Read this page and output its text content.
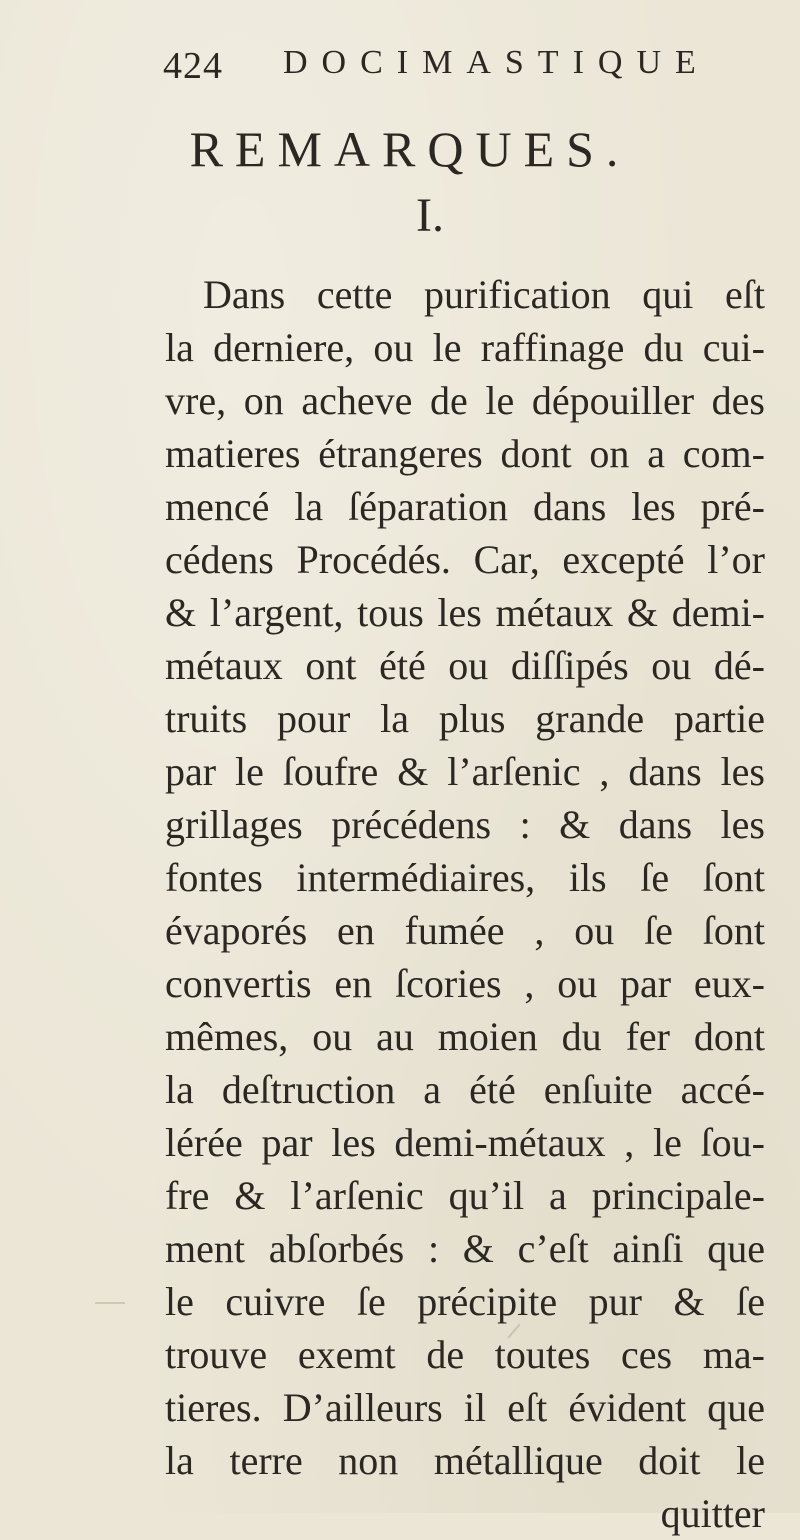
424 DOCIMASTIQUE
REMARQUES.
I.
Dans cette purification qui eſt
la derniere, ou le raffinage du cui-
vre, on acheve de le dépouiller des
matieres étrangeres dont on a com-
mencé la ſéparation dans les pré-
cédens Procédés. Car, excepté l’or
& l’argent, tous les métaux & demi-
métaux ont été ou diſſipés ou dé-
truits pour la plus grande partie
par le ſoufre & l’arſenic , dans les
grillages précédens : & dans les
fontes intermédiaires, ils ſe ſont
évaporés en fumée , ou ſe ſont
convertis en ſcories , ou par eux-
mêmes, ou au moien du fer dont
la deſtruction a été enſuite accé-
lérée par les demi-métaux , le ſou-
fre & l’arſenic qu’il a principale-
ment abſorbés : & c’eſt ainſi que
le cuivre ſe précipite pur & ſe
trouve exemt de toutes ces ma-
tieres. D’ailleurs il eſt évident que
la terre non métallique doit le
quitter
